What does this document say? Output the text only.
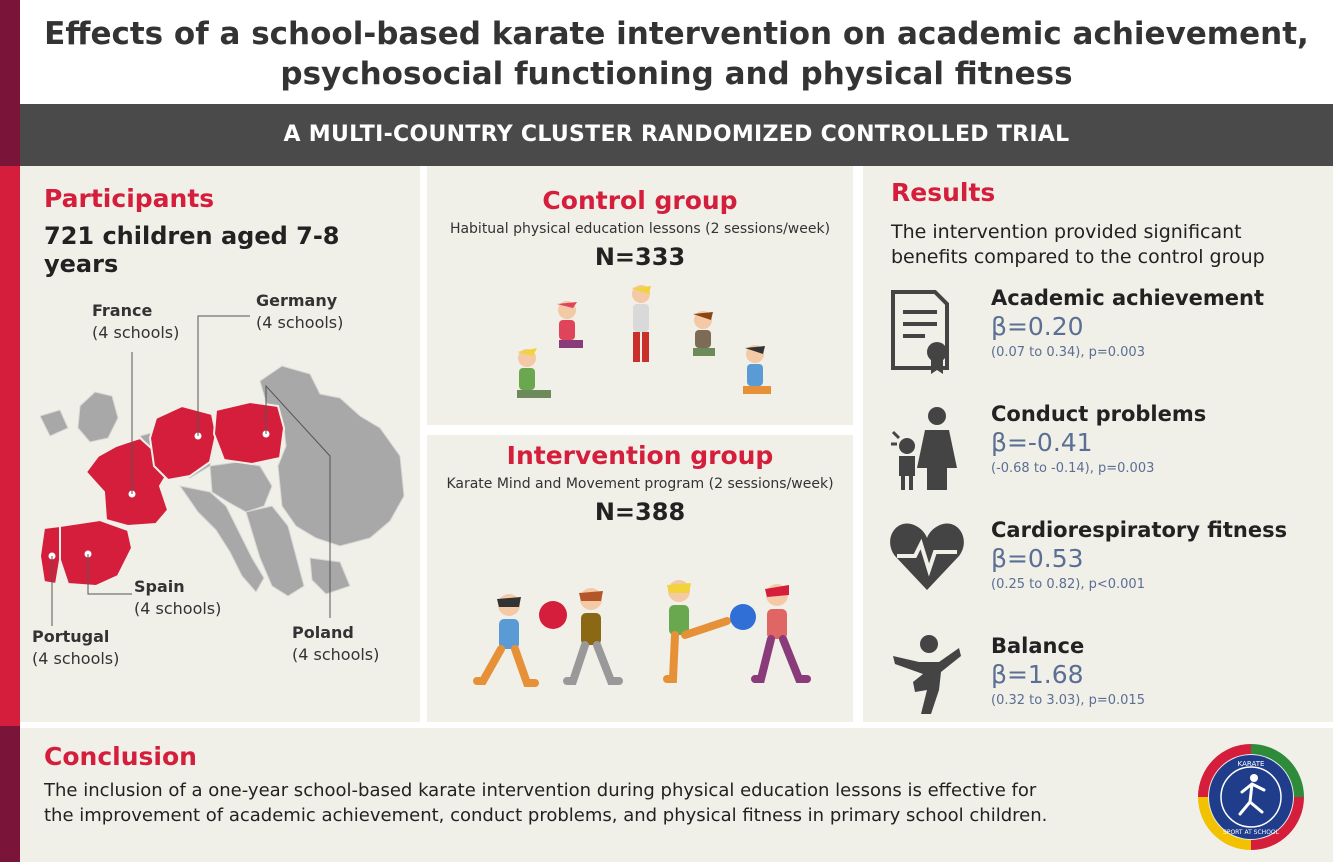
Effects of a school-based karate intervention on academic achievement,
psychosocial functioning and physical fitness
A MULTI-COUNTRY CLUSTER RANDOMIZED CONTROLLED TRIAL
Participants
721 children aged 7-8 years
France
(4 schools)
Germany
(4 schools)
Spain
(4 schools)
Portugal
(4 schools)
Poland
(4 schools)
Control group
Habitual physical education lessons (2 sessions/week)
N=333
Intervention group
Karate Mind and Movement program (2 sessions/week)
N=388
Results
The intervention provided significant
benefits compared to the control group
Academic achievement
β=0.20
(0.07 to 0.34), p=0.003
Conduct problems
β=-0.41
(-0.68 to -0.14), p=0.003
Cardiorespiratory fitness
β=0.53
(0.25 to 0.82), p<0.001
Balance
β=1.68
(0.32 to 3.03), p=0.015
Conclusion
The inclusion of a one-year school-based karate intervention during physical education lessons is effective for
the improvement of academic achievement, conduct problems, and physical fitness in primary school children.
KARATE
SPORT AT SCHOOL
